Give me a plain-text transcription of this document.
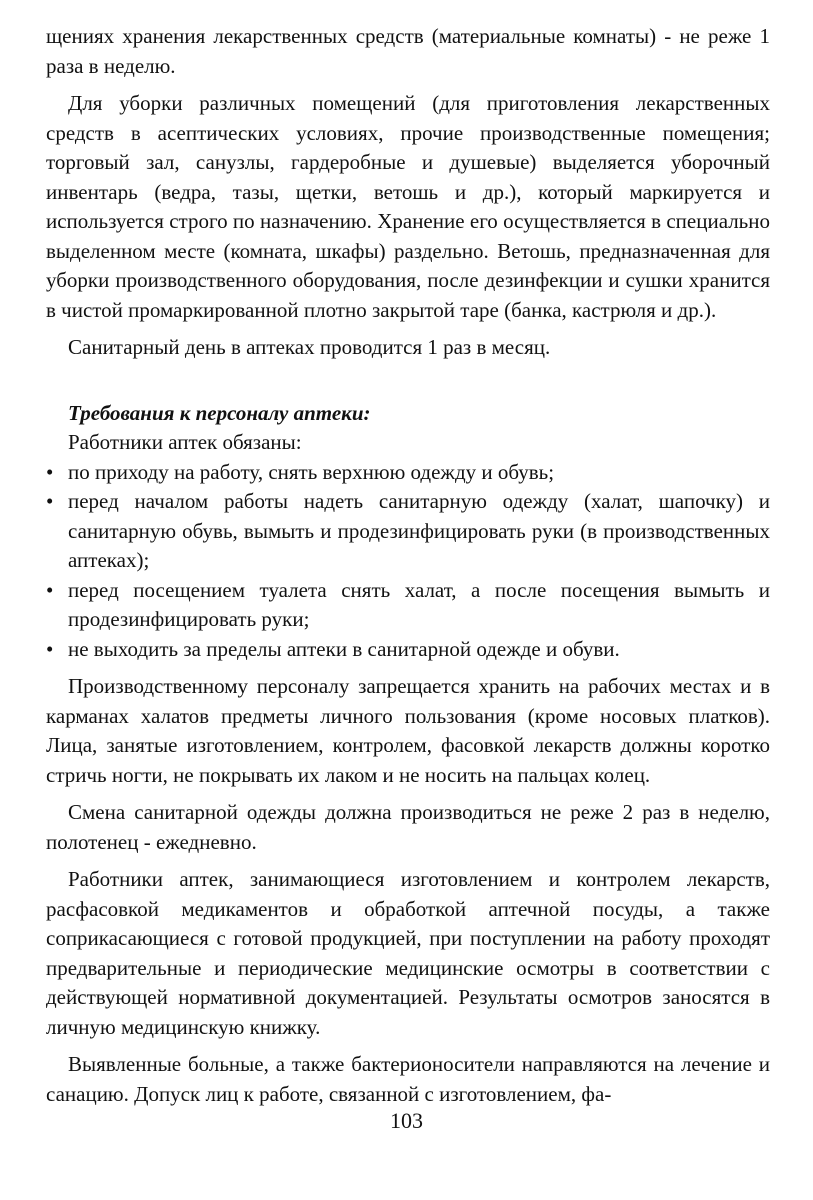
щениях хранения лекарственных средств (материальные комнаты) - не реже 1 раза в неделю.

Для уборки различных помещений (для приготовления лекарственных средств в асептических условиях, прочие производственные помещения; торговый зал, санузлы, гардеробные и душевые) выделяется уборочный инвентарь (ведра, тазы, щетки, ветошь и др.), который маркируется и используется строго по назначению. Хранение его осуществляется в специально выделенном месте (комната, шкафы) раздельно. Ветошь, предназначенная для уборки производственного оборудования, после дезинфекции и сушки хранится в чистой промаркированной плотно закрытой таре (банка, кастрюля и др.).

Санитарный день в аптеках проводится 1 раз в месяц.

Требования к персоналу аптеки:

Работники аптек обязаны:

• по приходу на работу, снять верхнюю одежду и обувь;
• перед началом работы надеть санитарную одежду (халат, шапочку) и санитарную обувь, вымыть и продезинфицировать руки (в производственных аптеках);
• перед посещением туалета снять халат, а после посещения вымыть и продезинфицировать руки;
• не выходить за пределы аптеки в санитарной одежде и обуви.

Производственному персоналу запрещается хранить на рабочих местах и в карманах халатов предметы личного пользования (кроме носовых платков). Лица, занятые изготовлением, контролем, фасовкой лекарств должны коротко стричь ногти, не покрывать их лаком и не носить на пальцах колец.

Смена санитарной одежды должна производиться не реже 2 раз в неделю, полотенец - ежедневно.

Работники аптек, занимающиеся изготовлением и контролем лекарств, расфасовкой медикаментов и обработкой аптечной посуды, а также соприкасающиеся с готовой продукцией, при поступлении на работу проходят предварительные и периодические медицинские осмотры в соответствии с действующей нормативной документацией. Результаты осмотров заносятся в личную медицинскую книжку.

Выявленные больные, а также бактерионосители направляются на лечение и санацию. Допуск лиц к работе, связанной с изготовлением, фа-

103
